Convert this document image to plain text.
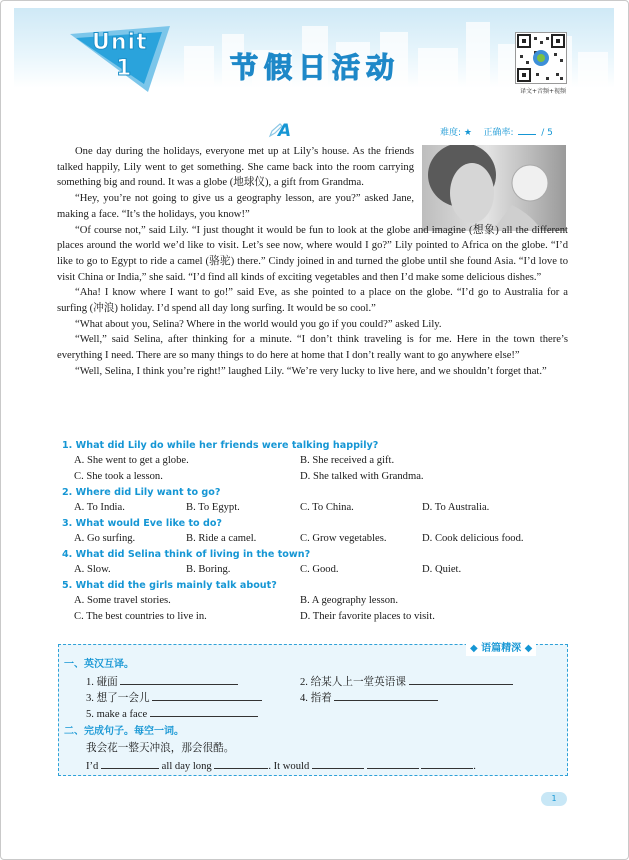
Unit
1	节假日活动
译文+音频+视频
A	难度: ★ 正确率:	/ 5

One day during the holidays, everyone met up at Lily’s house. As the friends talked happily, Lily went to get something. She came back into the room carrying something big and round. It was a globe (地球仪), a gift from Grandma.

“Hey, you’re not going to give us a geography lesson, are you?” asked Jane, making a face. “It’s the holidays, you know!”

“Of course not,” said Lily. “I just thought it would be fun to look at the globe and imagine (想象) all the different places around the world we’d like to visit. Let’s see now, where would I go?” Lily pointed to Africa on the globe. “I’d like to go to Egypt to ride a camel (骆驼) there.” Cindy joined in and turned the globe until she found Asia. “I’d love to visit China or India,” she said. “I’d find all kinds of exciting vegetables and then I’d make some delicious dishes.”

“Aha! I know where I want to go!” said Eve, as she pointed to a place on the globe. “I’d go to Australia for a surfing (冲浪) holiday. I’d spend all day long surfing. It would be so cool.”

“What about you, Selina? Where in the world would you go if you could?” asked Lily.

“Well,” said Selina, after thinking for a minute. “I don’t think traveling is for me. Here in the town there’s everything I need. There are so many things to do here at home that I don’t really want to go anywhere else!”

“Well, Selina, I think you’re right!” laughed Lily. “We’re very lucky to live here, and we shouldn’t forget that.”

1. What did Lily do while her friends were talking happily?
A. She went to get a globe.	B. She received a gift.
C. She took a lesson.	D. She talked with Grandma.
2. Where did Lily want to go?
A. To India.	B. To Egypt.	C. To China.	D. To Australia.
3. What would Eve like to do?
A. Go surfing.	B. Ride a camel.	C. Grow vegetables.	D. Cook delicious food.
4. What did Selina think of living in the town?
A. Slow.	B. Boring.	C. Good.	D. Quiet.
5. What did the girls mainly talk about?
A. Some travel stories.	B. A geography lesson.
C. The best countries to live in.	D. Their favorite places to visit.
◆ 语篇精深 ◆
一、英汉互译。
1. 碰面	2. 给某人上一堂英语课
3. 想了一会儿	4. 指着
5. make a face
二、完成句子。每空一词。
我会花一整天冲浪，那会很酷。
I’d	all day long	. It would	.
1
